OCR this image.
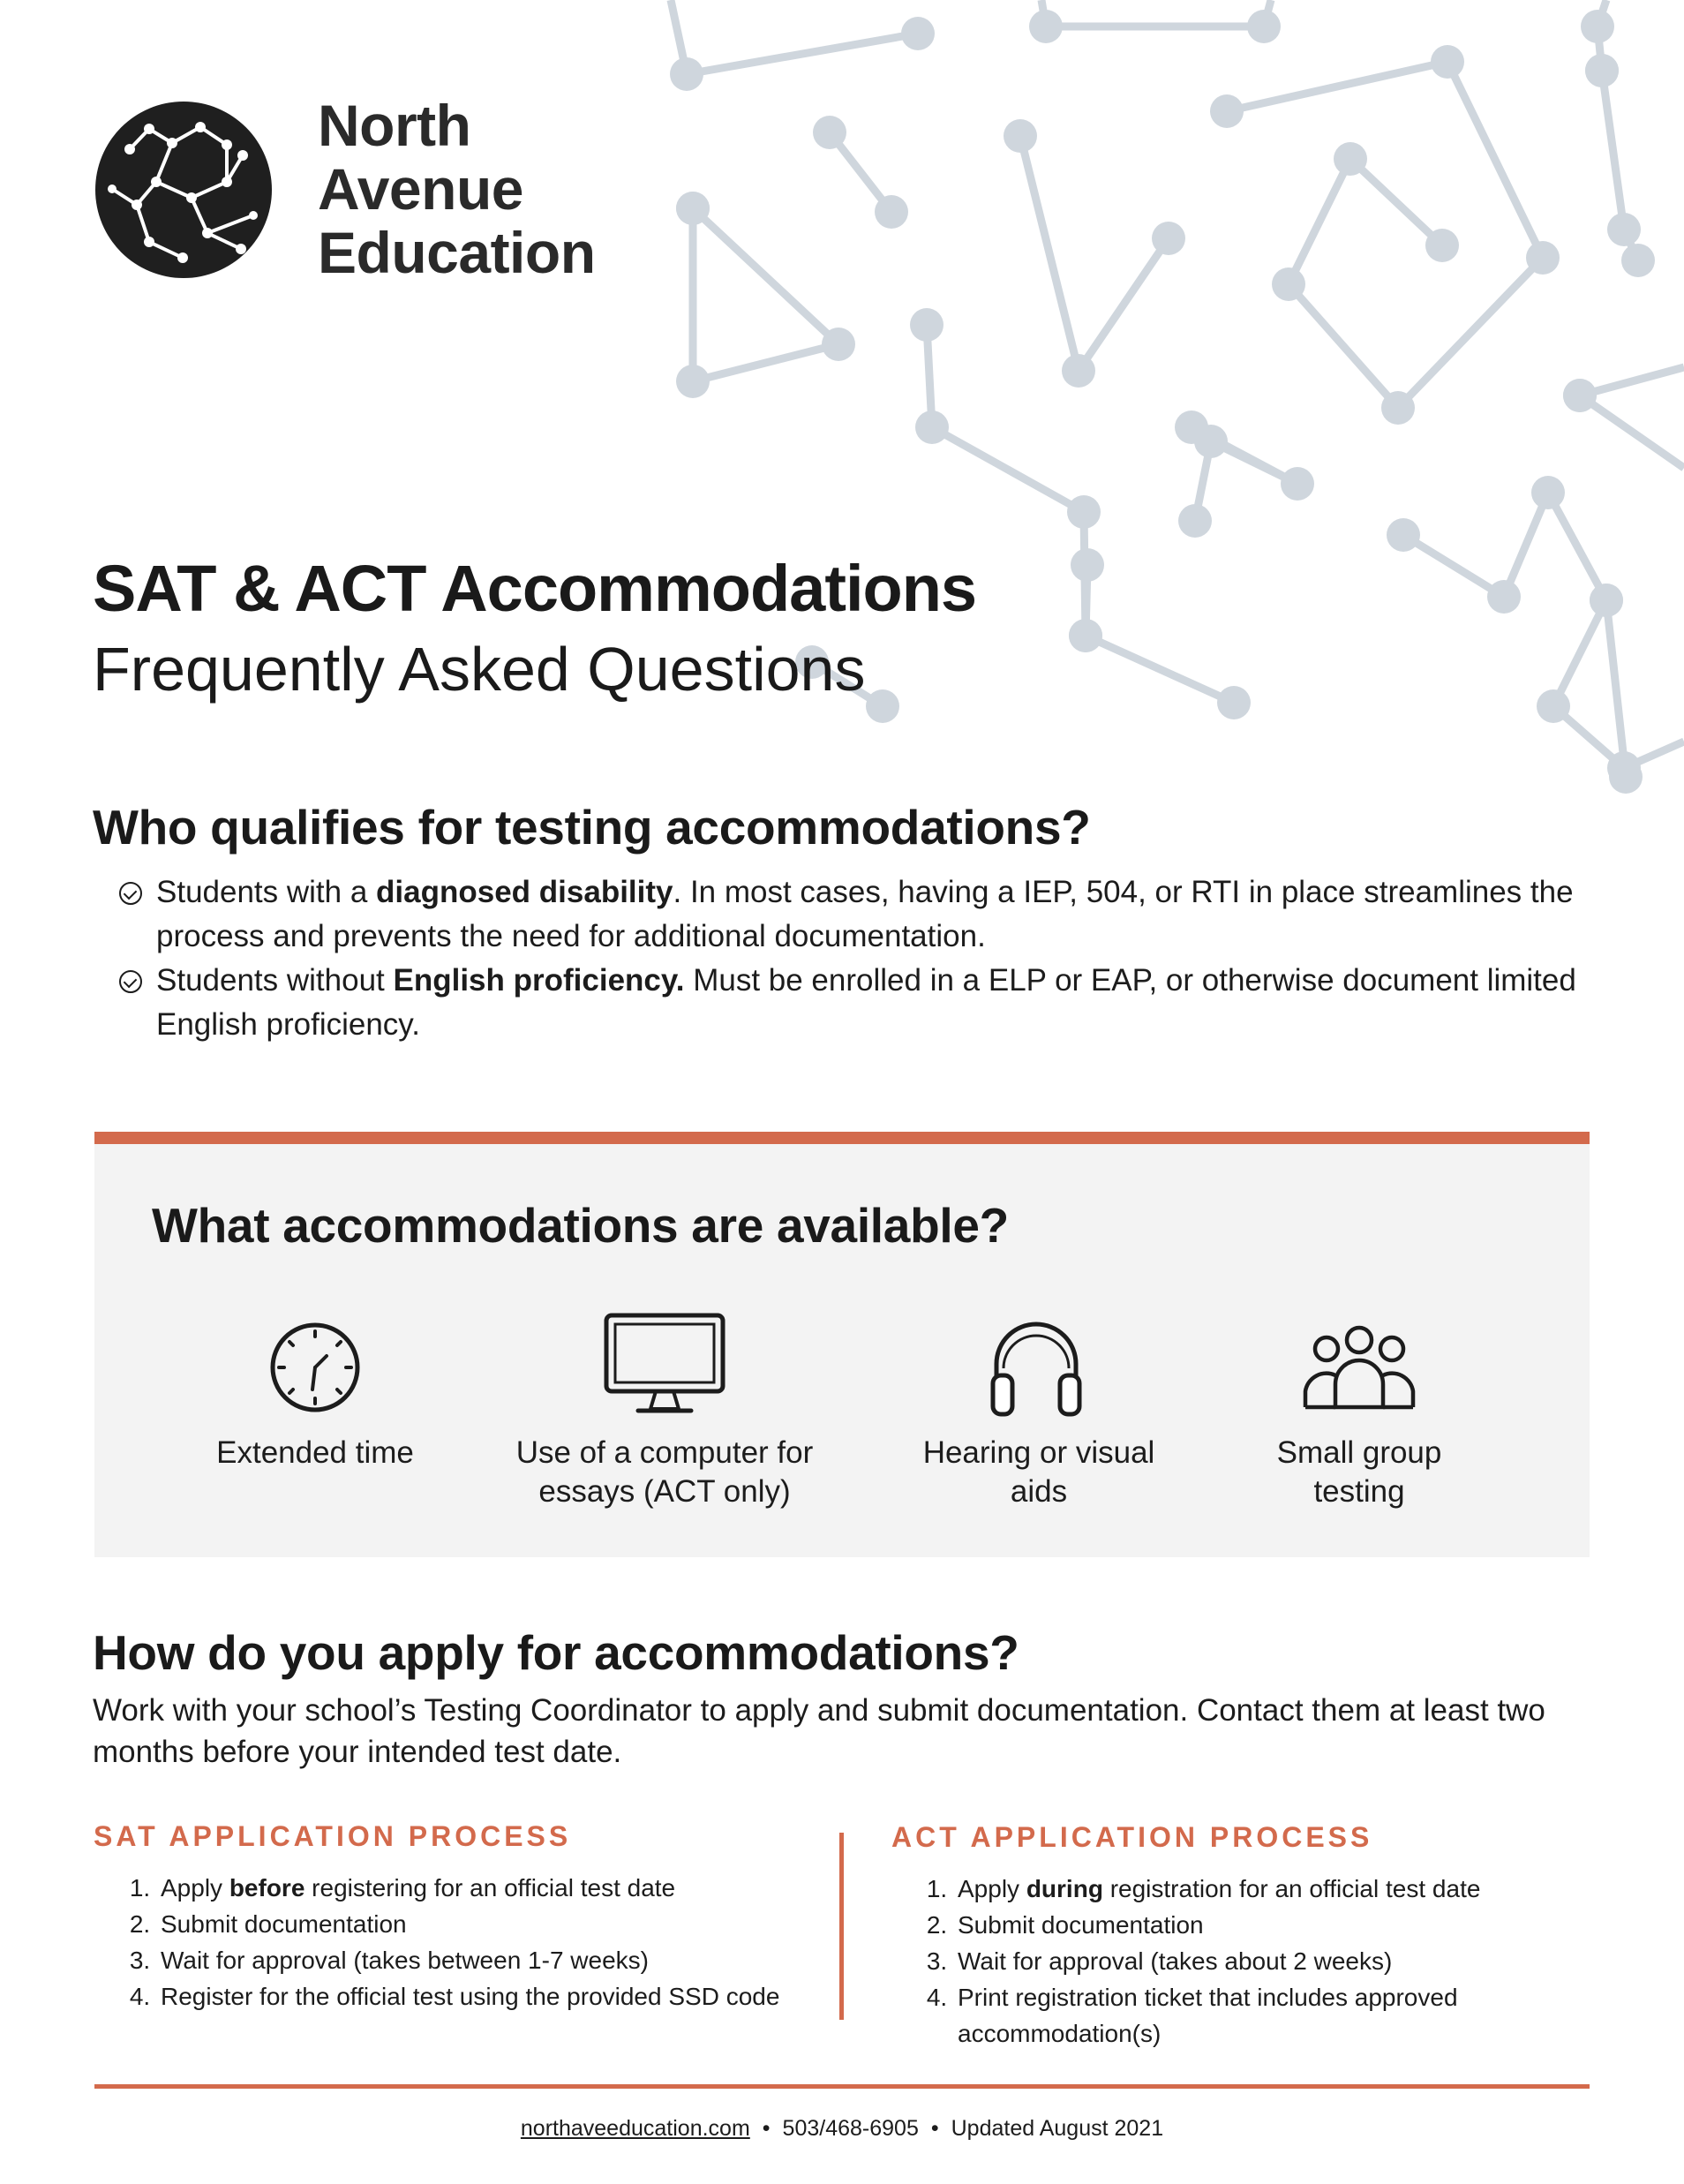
North
Avenue
Education
SAT & ACT Accommodations
Frequently Asked Questions
Who qualifies for testing accommodations?
Students with a diagnosed disability. In most cases, having a IEP, 504, or RTI in place streamlines the process and prevents the need for additional documentation.
Students without English proficiency. Must be enrolled in a ELP or EAP, or otherwise document limited English proficiency.
What accommodations are available?
Extended time	Use of a computer for
essays (ACT only)
Hearing or visual
aids
Small group
testing
How do you apply for accommodations?
Work with your school’s Testing Coordinator to apply and submit documentation. Contact them at least two
months before your intended test date.
SAT APPLICATION PROCESS
1. Apply before registering for an official test date
2. Submit documentation
3. Wait for approval (takes between 1-7 weeks)
4. Register for the official test using the provided SSD code
ACT APPLICATION PROCESS
1. Apply during registration for an official test date
2. Submit documentation
3. Wait for approval (takes about 2 weeks)
4. Print registration ticket that includes approved accommodation(s)
northaveeducation.com • 503/468-6905 • Updated August 2021
